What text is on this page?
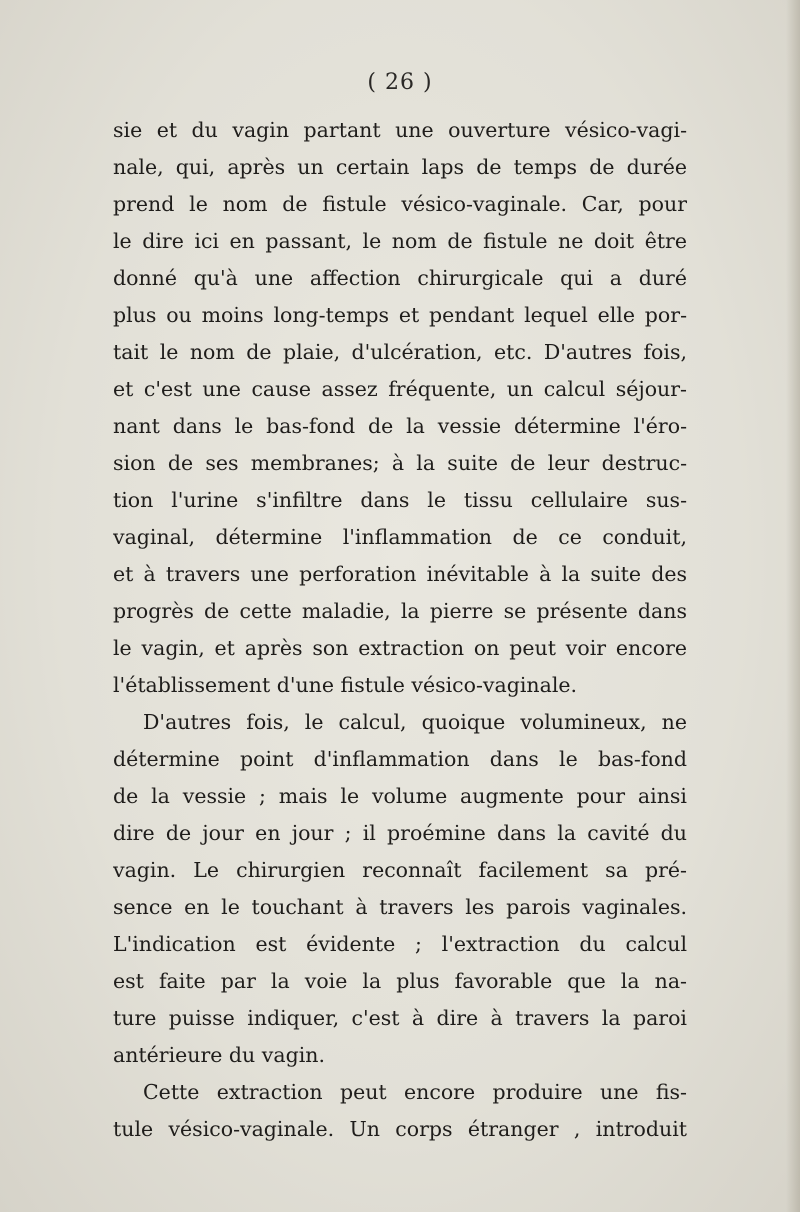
( 26 )
sie et du vagin partant une ouverture vésico-vagi-
nale, qui, après un certain laps de temps de durée
prend le nom de fistule vésico-vaginale. Car, pour
le dire ici en passant, le nom de fistule ne doit être
donné qu'à une affection chirurgicale qui a duré
plus ou moins long-temps et pendant lequel elle por-
tait le nom de plaie, d'ulcération, etc. D'autres fois,
et c'est une cause assez fréquente, un calcul séjour-
nant dans le bas-fond de la vessie détermine l'éro-
sion de ses membranes; à la suite de leur destruc-
tion l'urine s'infiltre dans le tissu cellulaire sus-
vaginal, détermine l'inflammation de ce conduit,
et à travers une perforation inévitable à la suite des
progrès de cette maladie, la pierre se présente dans
le vagin, et après son extraction on peut voir encore
l'établissement d'une fistule vésico-vaginale.
D'autres fois, le calcul, quoique volumineux, ne
détermine point d'inflammation dans le bas-fond
de la vessie ; mais le volume augmente pour ainsi
dire de jour en jour ; il proémine dans la cavité du
vagin. Le chirurgien reconnaît facilement sa pré-
sence en le touchant à travers les parois vaginales.
L'indication est évidente ; l'extraction du calcul
est faite par la voie la plus favorable que la na-
ture puisse indiquer, c'est à dire à travers la paroi
antérieure du vagin.
Cette extraction peut encore produire une fis-
tule vésico-vaginale. Un corps étranger , introduit
